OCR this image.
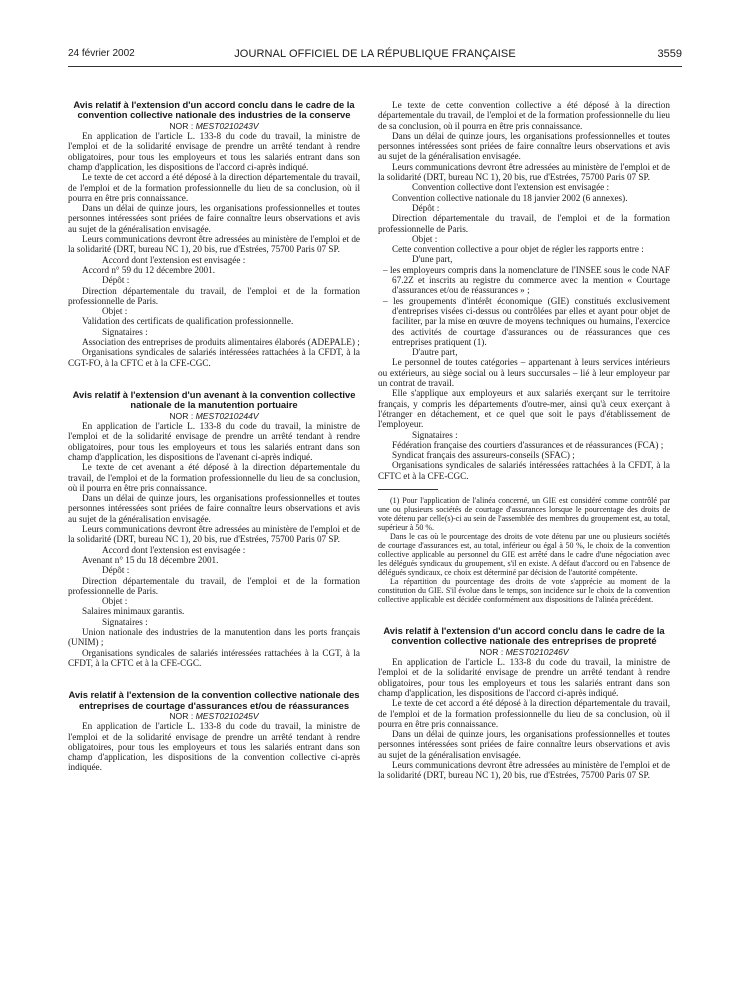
24 février 2002	JOURNAL OFFICIEL DE LA RÉPUBLIQUE FRANÇAISE	3559

Avis relatif à l'extension d'un accord conclu dans le cadre de la convention collective nationale des industries de la conserve

NOR : MEST0210243V

En application de l'article L. 133-8 du code du travail, la ministre de l'emploi et de la solidarité envisage de prendre un arrêté tendant à rendre obligatoires, pour tous les employeurs et tous les salariés entrant dans son champ d'application, les dispositions de l'accord ci-après indiqué.

Le texte de cet accord a été déposé à la direction départementale du travail, de l'emploi et de la formation professionnelle du lieu de sa conclusion, où il pourra en être pris connaissance.

Dans un délai de quinze jours, les organisations professionnelles et toutes personnes intéressées sont priées de faire connaître leurs observations et avis au sujet de la généralisation envisagée.

Leurs communications devront être adressées au ministère de l'emploi et de la solidarité (DRT, bureau NC 1), 20 bis, rue d'Estrées, 75700 Paris 07 SP.

Accord dont l'extension est envisagée :

Accord n° 59 du 12 décembre 2001.

Dépôt :

Direction départementale du travail, de l'emploi et de la formation professionnelle de Paris.

Objet :

Validation des certificats de qualification professionnelle.

Signataires :

Association des entreprises de produits alimentaires élaborés (ADEPALE) ;

Organisations syndicales de salariés intéressées rattachées à la CFDT, à la CGT-FO, à la CFTC et à la CFE-CGC.

Avis relatif à l'extension d'un avenant à la convention collective nationale de la manutention portuaire

NOR : MEST0210244V

En application de l'article L. 133-8 du code du travail, la ministre de l'emploi et de la solidarité envisage de prendre un arrêté tendant à rendre obligatoires, pour tous les employeurs et tous les salariés entrant dans son champ d'application, les dispositions de l'avenant ci-après indiqué.

Le texte de cet avenant a été déposé à la direction départementale du travail, de l'emploi et de la formation professionnelle du lieu de sa conclusion, où il pourra en être pris connaissance.

Dans un délai de quinze jours, les organisations professionnelles et toutes personnes intéressées sont priées de faire connaître leurs observations et avis au sujet de la généralisation envisagée.

Leurs communications devront être adressées au ministère de l'emploi et de la solidarité (DRT, bureau NC 1), 20 bis, rue d'Estrées, 75700 Paris 07 SP.

Accord dont l'extension est envisagée :

Avenant n° 15 du 18 décembre 2001.

Dépôt :

Direction départementale du travail, de l'emploi et de la formation professionnelle de Paris.

Objet :

Salaires minimaux garantis.

Signataires :

Union nationale des industries de la manutention dans les ports français (UNIM) ;

Organisations syndicales de salariés intéressées rattachées à la CGT, à la CFDT, à la CFTC et à la CFE-CGC.

Avis relatif à l'extension de la convention collective nationale des entreprises de courtage d'assurances et/ou de réassurances

NOR : MEST0210245V

En application de l'article L. 133-8 du code du travail, la ministre de l'emploi et de la solidarité envisage de prendre un arrêté tendant à rendre obligatoires, pour tous les employeurs et tous les salariés entrant dans son champ d'application, les dispositions de la convention collective ci-après indiquée.

Le texte de cette convention collective a été déposé à la direction départementale du travail, de l'emploi et de la formation professionnelle du lieu de sa conclusion, où il pourra en être pris connaissance.

Dans un délai de quinze jours, les organisations professionnelles et toutes personnes intéressées sont priées de faire connaître leurs observations et avis au sujet de la généralisation envisagée.

Leurs communications devront être adressées au ministère de l'emploi et de la solidarité (DRT, bureau NC 1), 20 bis, rue d'Estrées, 75700 Paris 07 SP.

Convention collective dont l'extension est envisagée :

Convention collective nationale du 18 janvier 2002 (6 annexes).

Dépôt :

Direction départementale du travail, de l'emploi et de la formation professionnelle de Paris.

Objet :

Cette convention collective a pour objet de régler les rapports entre :

D'une part,

– les employeurs compris dans la nomenclature de l'INSEE sous le code NAF 67.2Z et inscrits au registre du commerce avec la mention « Courtage d'assurances et/ou de réassurances » ;

– les groupements d'intérêt économique (GIE) constitués exclusivement d'entreprises visées ci-dessus ou contrôlées par elles et ayant pour objet de faciliter, par la mise en œuvre de moyens techniques ou humains, l'exercice des activités de courtage d'assurances ou de réassurances que ces entreprises pratiquent (1).

D'autre part,

Le personnel de toutes catégories – appartenant à leurs services intérieurs ou extérieurs, au siège social ou à leurs succursales – lié à leur employeur par un contrat de travail.

Elle s'applique aux employeurs et aux salariés exerçant sur le territoire français, y compris les départements d'outre-mer, ainsi qu'à ceux exerçant à l'étranger en détachement, et ce quel que soit le pays d'établissement de l'employeur.

Signataires :

Fédération française des courtiers d'assurances et de réassurances (FCA) ;

Syndicat français des assureurs-conseils (SFAC) ;

Organisations syndicales de salariés intéressées rattachées à la CFDT, à la CFTC et à la CFE-CGC.

(1) Pour l'application de l'alinéa concerné, un GIE est considéré comme contrôlé par une ou plusieurs sociétés de courtage d'assurances lorsque le pourcentage des droits de vote détenu par celle(s)-ci au sein de l'assemblée des membres du groupement est, au total, supérieur à 50 %.

Dans le cas où le pourcentage des droits de vote détenu par une ou plusieurs sociétés de courtage d'assurances est, au total, inférieur ou égal à 50 %, le choix de la convention collective applicable au personnel du GIE est arrêté dans le cadre d'une négociation avec les délégués syndicaux du groupement, s'il en existe. A défaut d'accord ou en l'absence de délégués syndicaux, ce choix est déterminé par décision de l'autorité compétente.

La répartition du pourcentage des droits de vote s'apprécie au moment de la constitution du GIE. S'il évolue dans le temps, son incidence sur le choix de la convention collective applicable est décidée conformément aux dispositions de l'alinéa précédent.

Avis relatif à l'extension d'un accord conclu dans le cadre de la convention collective nationale des entreprises de propreté

NOR : MEST0210246V

En application de l'article L. 133-8 du code du travail, la ministre de l'emploi et de la solidarité envisage de prendre un arrêté tendant à rendre obligatoires, pour tous les employeurs et tous les salariés entrant dans son champ d'application, les dispositions de l'accord ci-après indiqué.

Le texte de cet accord a été déposé à la direction départementale du travail, de l'emploi et de la formation professionnelle du lieu de sa conclusion, où il pourra en être pris connaissance.

Dans un délai de quinze jours, les organisations professionnelles et toutes personnes intéressées sont priées de faire connaître leurs observations et avis au sujet de la généralisation envisagée.

Leurs communications devront être adressées au ministère de l'emploi et de la solidarité (DRT, bureau NC 1), 20 bis, rue d'Estrées, 75700 Paris 07 SP.
